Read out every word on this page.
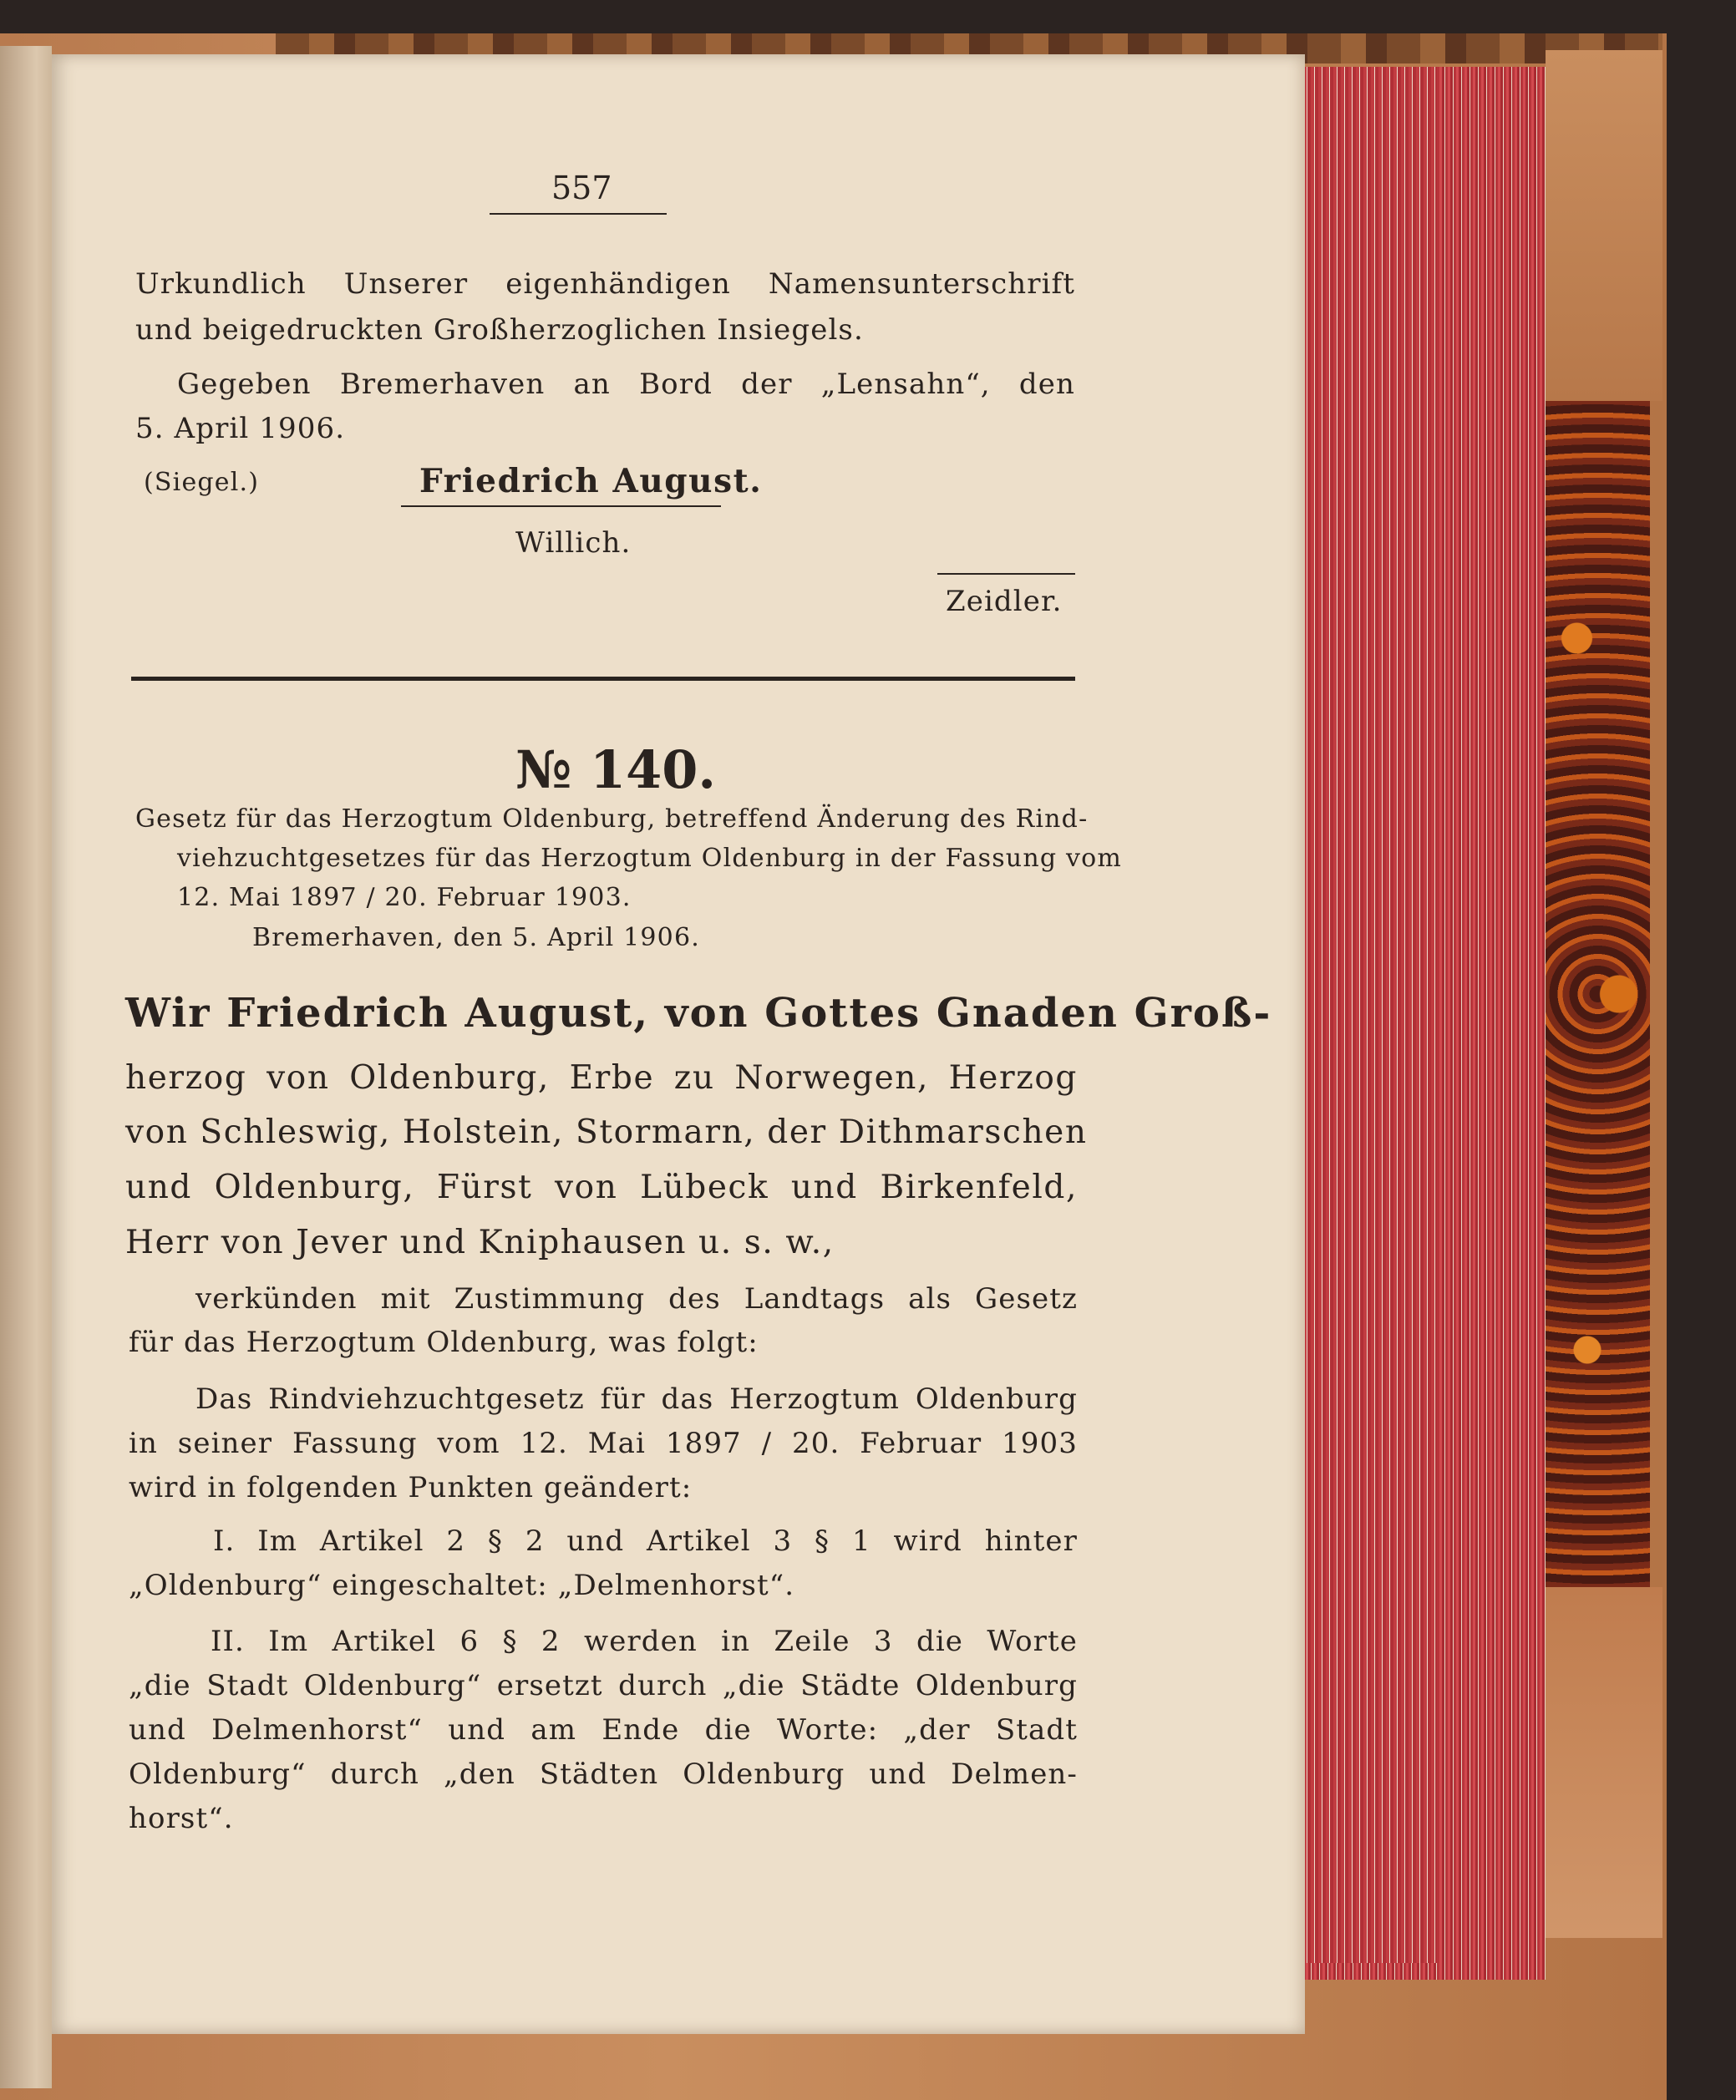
557
Urkundlich Unserer eigenhändigen Namensunterschrift
und beigedruckten Großherzoglichen Insiegels.
Gegeben Bremerhaven an Bord der „Lensahn“, den
5. April 1906.
(Siegel.)	Friedrich August.
Willich.
Zeidler.
№ 140.
Gesetz für das Herzogtum Oldenburg, betreffend Änderung des Rind-
viehzuchtgesetzes für das Herzogtum Oldenburg in der Fassung vom
12. Mai 1897 / 20. Februar 1903.
Bremerhaven, den 5. April 1906.
Wir Friedrich August, von Gottes Gnaden Groß-
herzog von Oldenburg, Erbe zu Norwegen, Herzog
von Schleswig, Holstein, Stormarn, der Dithmarschen
und Oldenburg, Fürst von Lübeck und Birkenfeld,
Herr von Jever und Kniphausen u. s. w.,
verkünden mit Zustimmung des Landtags als Gesetz
für das Herzogtum Oldenburg, was folgt:
Das Rindviehzuchtgesetz für das Herzogtum Oldenburg
in seiner Fassung vom 12. Mai 1897 / 20. Februar 1903
wird in folgenden Punkten geändert:
I. Im Artikel 2 § 2 und Artikel 3 § 1 wird hinter
„Oldenburg“ eingeschaltet: „Delmenhorst“.
II. Im Artikel 6 § 2 werden in Zeile 3 die Worte
„die Stadt Oldenburg“ ersetzt durch „die Städte Oldenburg
und Delmenhorst“ und am Ende die Worte: „der Stadt
Oldenburg“ durch „den Städten Oldenburg und Delmen-
horst“.
